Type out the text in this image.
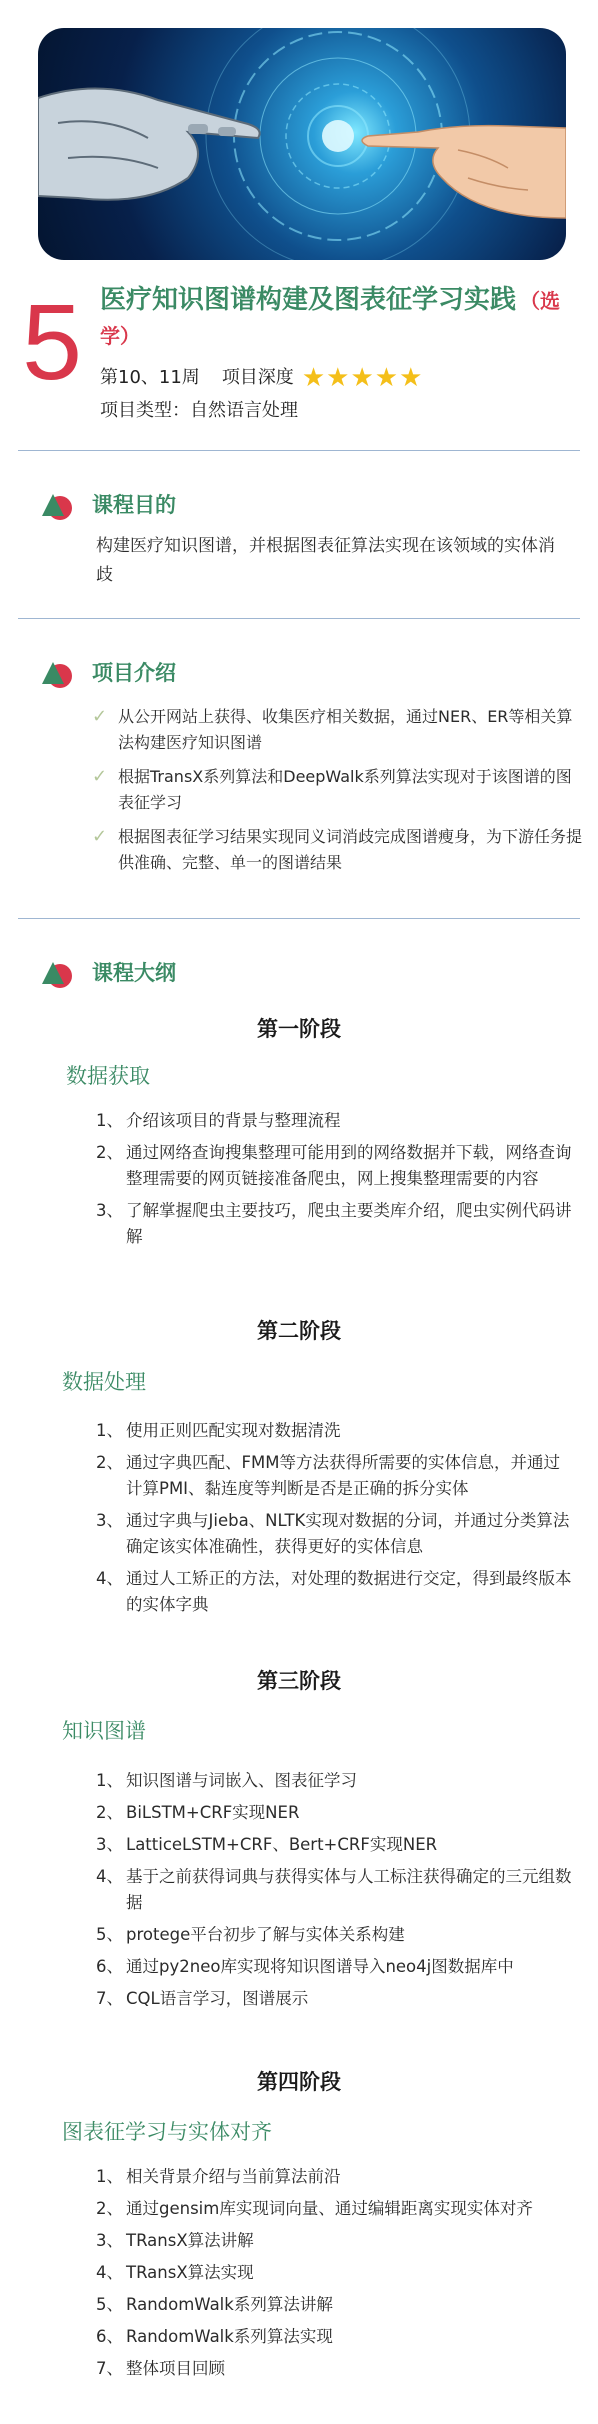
5 医疗知识图谱构建及图表征学习实践 （选学）
第10、11周 项目深度 ★ ★ ★ ★ ★
项目类型：自然语言处理
课程目的
构建医疗知识图谱，并根据图表征算法实现在该领域的实体消歧
项目介绍
✓ 从公开网站上获得、收集医疗相关数据，通过NER、ER等相关算法构建医疗知识图谱
✓ 根据TransX系列算法和DeepWalk系列算法实现对于该图谱的图表征学习
✓ 根据图表征学习结果实现同义词消歧完成图谱瘦身，为下游任务提供准确、完整、单一的图谱结果
课程大纲
第一阶段
数据获取
1、 介绍该项目的背景与整理流程
2、 通过网络查询搜集整理可能用到的网络数据并下载，网络查询整理需要的网页链接准备爬虫，网上搜集整理需要的内容
3、 了解掌握爬虫主要技巧，爬虫主要类库介绍，爬虫实例代码讲解
第二阶段
数据处理
1、 使用正则匹配实现对数据清洗
2、 通过字典匹配、FMM等方法获得所需要的实体信息，并通过计算PMI、黏连度等判断是否是正确的拆分实体
3、 通过字典与Jieba、NLTK实现对数据的分词，并通过分类算法确定该实体准确性，获得更好的实体信息
4、 通过人工矫正的方法，对处理的数据进行交定，得到最终版本的实体字典
第三阶段
知识图谱
1、 知识图谱与词嵌入、图表征学习
2、 BiLSTM+CRF实现NER
3、 LatticeLSTM+CRF、Bert+CRF实现NER
4、 基于之前获得词典与获得实体与人工标注获得确定的三元组数据
5、 protege平台初步了解与实体关系构建
6、 通过py2neo库实现将知识图谱导入neo4j图数据库中
7、 CQL语言学习，图谱展示
第四阶段
图表征学习与实体对齐
1、 相关背景介绍与当前算法前沿
2、 通过gensim库实现词向量、通过编辑距离实现实体对齐
3、 TRansX算法讲解
4、 TRansX算法实现
5、 RandomWalk系列算法讲解
6、 RandomWalk系列算法实现
7、 整体项目回顾
